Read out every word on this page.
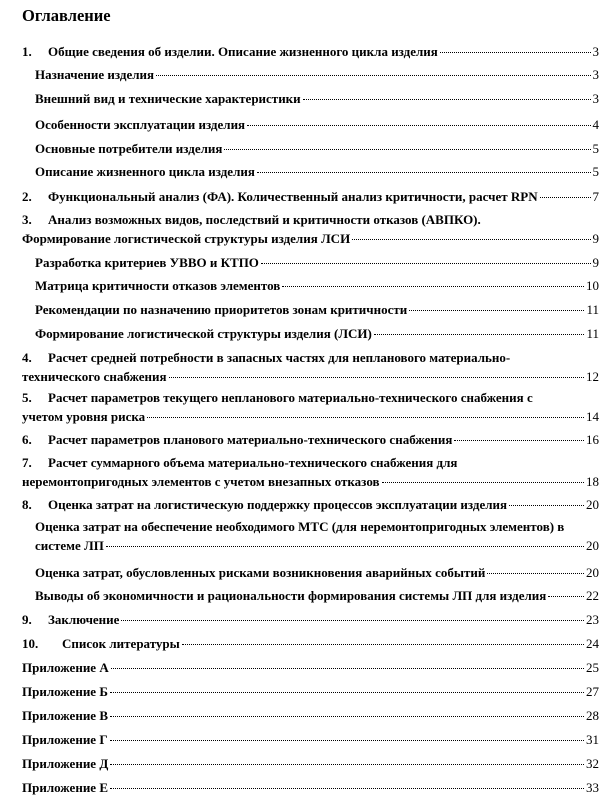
Оглавление
1.	Общие сведения об изделии. Описание жизненного цикла изделия	3
Назначение изделия	3
Внешний вид и технические характеристики	3
Особенности эксплуатации изделия	4
Основные потребители изделия	5
Описание жизненного цикла изделия	5
2.	Функциональный анализ (ФА). Количественный анализ критичности, расчет RPN	7
3.	Анализ возможных видов, последствий и критичности отказов (АВПКО).
Формирование логистической структуры изделия ЛСИ	9
Разработка критериев УВВО и КТПО	9
Матрица критичности отказов элементов	10
Рекомендации по назначению приоритетов зонам критичности	11
Формирование логистической структуры изделия (ЛСИ)	11
4.	Расчет средней потребности в запасных частях для непланового материально-
технического снабжения	12
5.	Расчет параметров текущего непланового материально-технического снабжения с
учетом уровня риска	14
6.	Расчет параметров планового материально-технического снабжения	16
7.	Расчет суммарного объема материально-технического снабжения для
неремонтопригодных элементов с учетом внезапных отказов	18
8.	Оценка затрат на логистическую поддержку процессов эксплуатации изделия	20
Оценка затрат на обеспечение необходимого МТС (для неремонтопригодных элементов) в
системе ЛП	20
Оценка затрат, обусловленных рисками возникновения аварийных событий	20
Выводы об экономичности и рациональности формирования системы ЛП для изделия	22
9.	Заключение	23
10.	Список литературы	24
Приложение А	25
Приложение Б	27
Приложение В	28
Приложение Г	31
Приложение Д	32
Приложение Е	33
